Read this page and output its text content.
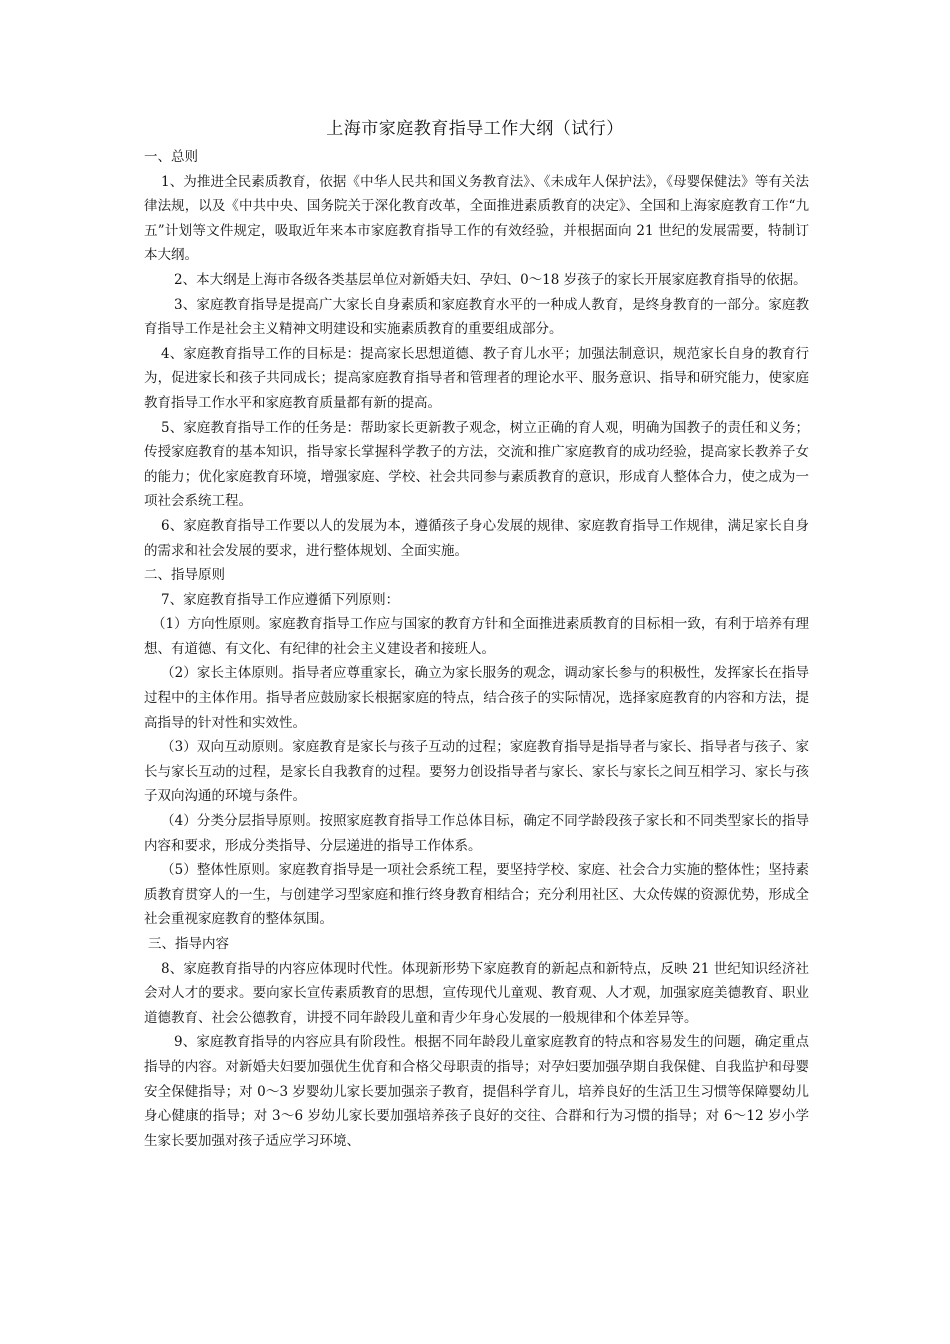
上海市家庭教育指导工作大纲（试行）

一、总则

1、为推进全民素质教育，依据《中华人民共和国义务教育法》、《未成年人保护法》，《母婴保健法》等有关法律法规，以及《中共中央、国务院关于深化教育改革，全面推进素质教育的决定》、全国和上海家庭教育工作“九五”计划等文件规定，吸取近年来本市家庭教育指导工作的有效经验，并根据面向 21 世纪的发展需要，特制订本大纲。

2、本大纲是上海市各级各类基层单位对新婚夫妇、孕妇、0～18 岁孩子的家长开展家庭教育指导的依据。

3、家庭教育指导是提高广大家长自身素质和家庭教育水平的一种成人教育，是终身教育的一部分。家庭教育指导工作是社会主义精神文明建设和实施素质教育的重要组成部分。

4、家庭教育指导工作的目标是：提高家长思想道德、教子育儿水平；加强法制意识，规范家长自身的教育行为，促进家长和孩子共同成长；提高家庭教育指导者和管理者的理论水平、服务意识、指导和研究能力，使家庭教育指导工作水平和家庭教育质量都有新的提高。

5、家庭教育指导工作的任务是：帮助家长更新教子观念，树立正确的育人观，明确为国教子的责任和义务；传授家庭教育的基本知识，指导家长掌握科学教子的方法，交流和推广家庭教育的成功经验，提高家长教养子女的能力；优化家庭教育环境，增强家庭、学校、社会共同参与素质教育的意识，形成育人整体合力，使之成为一项社会系统工程。

6、家庭教育指导工作要以人的发展为本，遵循孩子身心发展的规律、家庭教育指导工作规律，满足家长自身的需求和社会发展的要求，进行整体规划、全面实施。

二、指导原则

7、家庭教育指导工作应遵循下列原则：

（1）方向性原则。家庭教育指导工作应与国家的教育方针和全面推进素质教育的目标相一致，有利于培养有理想、有道德、有文化、有纪律的社会主义建设者和接班人。

（2）家长主体原则。指导者应尊重家长，确立为家长服务的观念，调动家长参与的积极性，发挥家长在指导过程中的主体作用。指导者应鼓励家长根据家庭的特点，结合孩子的实际情况，选择家庭教育的内容和方法，提高指导的针对性和实效性。

（3）双向互动原则。家庭教育是家长与孩子互动的过程；家庭教育指导是指导者与家长、指导者与孩子、家长与家长互动的过程，是家长自我教育的过程。要努力创设指导者与家长、家长与家长之间互相学习、家长与孩子双向沟通的环境与条件。

（4）分类分层指导原则。按照家庭教育指导工作总体目标，确定不同学龄段孩子家长和不同类型家长的指导内容和要求，形成分类指导、分层递进的指导工作体系。

（5）整体性原则。家庭教育指导是一项社会系统工程，要坚持学校、家庭、社会合力实施的整体性；坚持素质教育贯穿人的一生，与创建学习型家庭和推行终身教育相结合；充分利用社区、大众传媒的资源优势，形成全社会重视家庭教育的整体氛围。

三、指导内容

8、家庭教育指导的内容应体现时代性。体现新形势下家庭教育的新起点和新特点，反映 21 世纪知识经济社会对人才的要求。要向家长宣传素质教育的思想，宣传现代儿童观、教育观、人才观，加强家庭美德教育、职业道德教育、社会公德教育，讲授不同年龄段儿童和青少年身心发展的一般规律和个体差异等。

9、家庭教育指导的内容应具有阶段性。根据不同年龄段儿童家庭教育的特点和容易发生的问题，确定重点指导的内容。对新婚夫妇要加强优生优育和合格父母职责的指导；对孕妇要加强孕期自我保健、自我监护和母婴安全保健指导；对 0～3 岁婴幼儿家长要加强亲子教育，提倡科学育儿，培养良好的生活卫生习惯等保障婴幼儿身心健康的指导；对 3～6 岁幼儿家长要加强培养孩子良好的交往、合群和行为习惯的指导；对 6～12 岁小学生家长要加强对孩子适应学习环境、
